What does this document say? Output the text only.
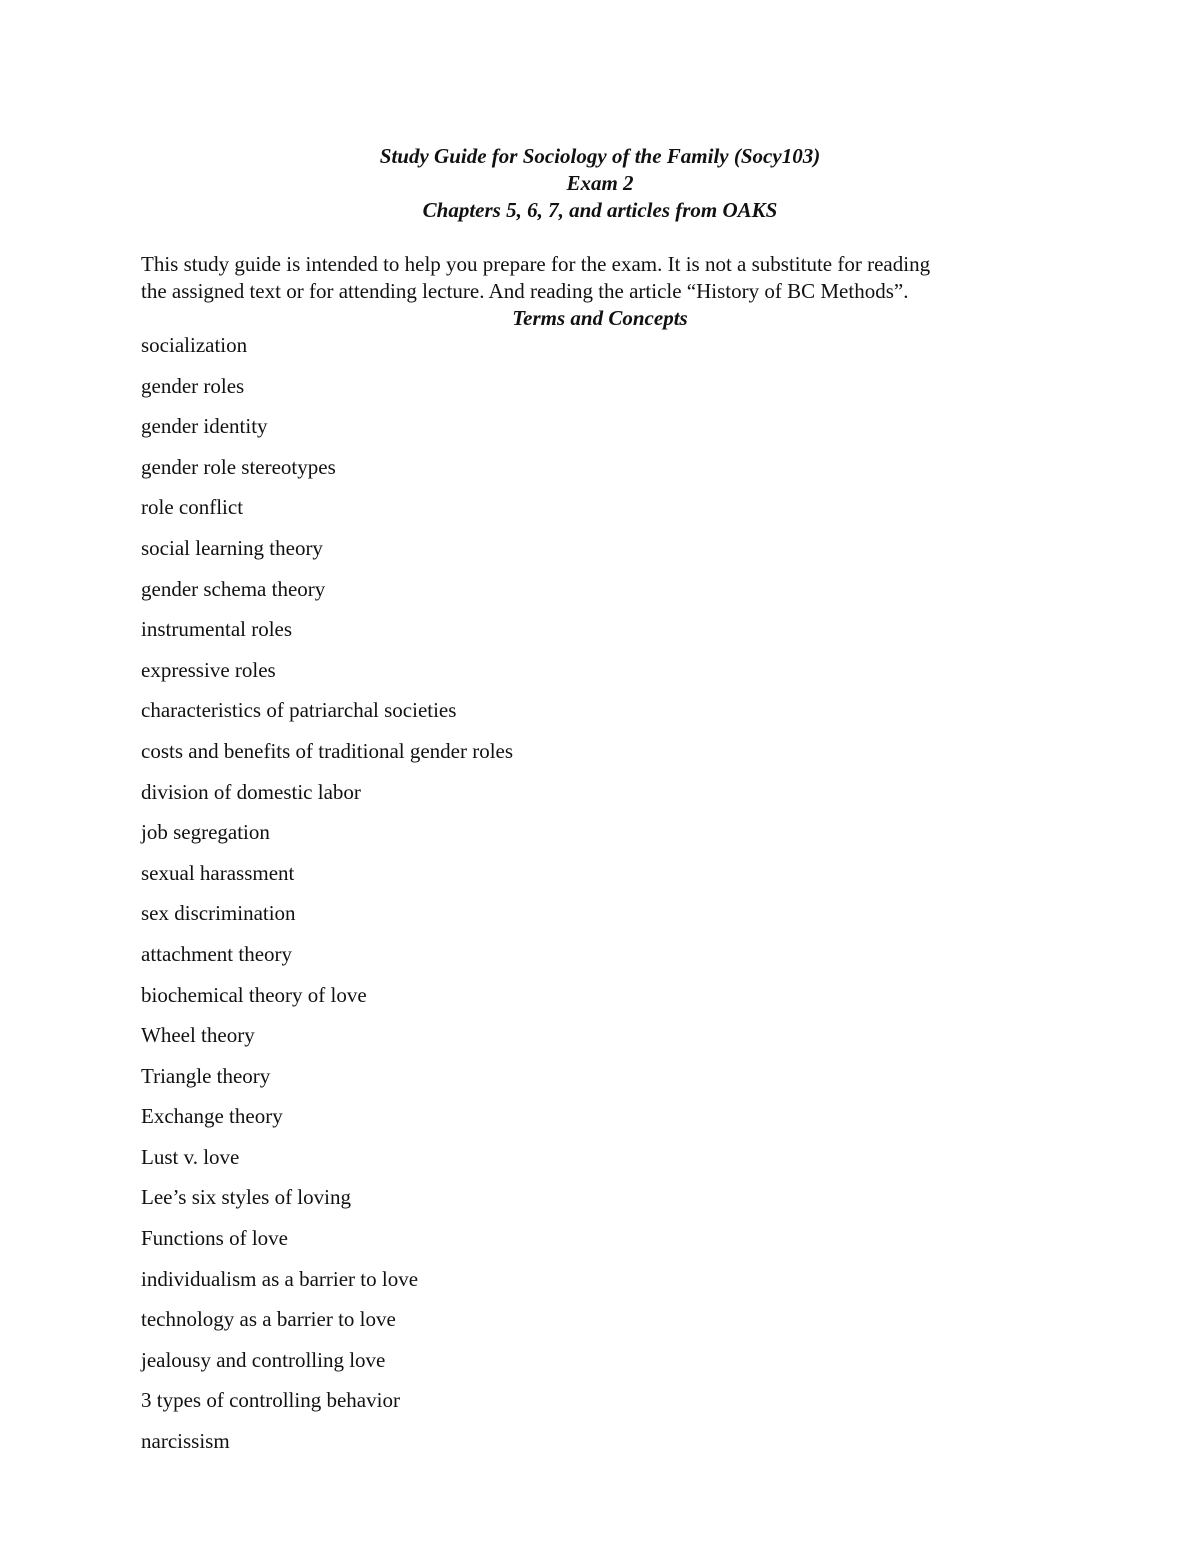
Study Guide for Sociology of the Family (Socy103)
Exam 2
Chapters 5, 6, 7, and articles from OAKS

This study guide is intended to help you prepare for the exam. It is not a substitute for reading

the assigned text or for attending lecture. And reading the article “History of BC Methods”.

Terms and Concepts
socialization
gender roles
gender identity
gender role stereotypes
role conflict
social learning theory
gender schema theory
instrumental roles
expressive roles
characteristics of patriarchal societies
costs and benefits of traditional gender roles
division of domestic labor
job segregation
sexual harassment
sex discrimination
attachment theory
biochemical theory of love
Wheel theory
Triangle theory
Exchange theory
Lust v. love
Lee’s six styles of loving
Functions of love
individualism as a barrier to love
technology as a barrier to love
jealousy and controlling love
3 types of controlling behavior
narcissism
